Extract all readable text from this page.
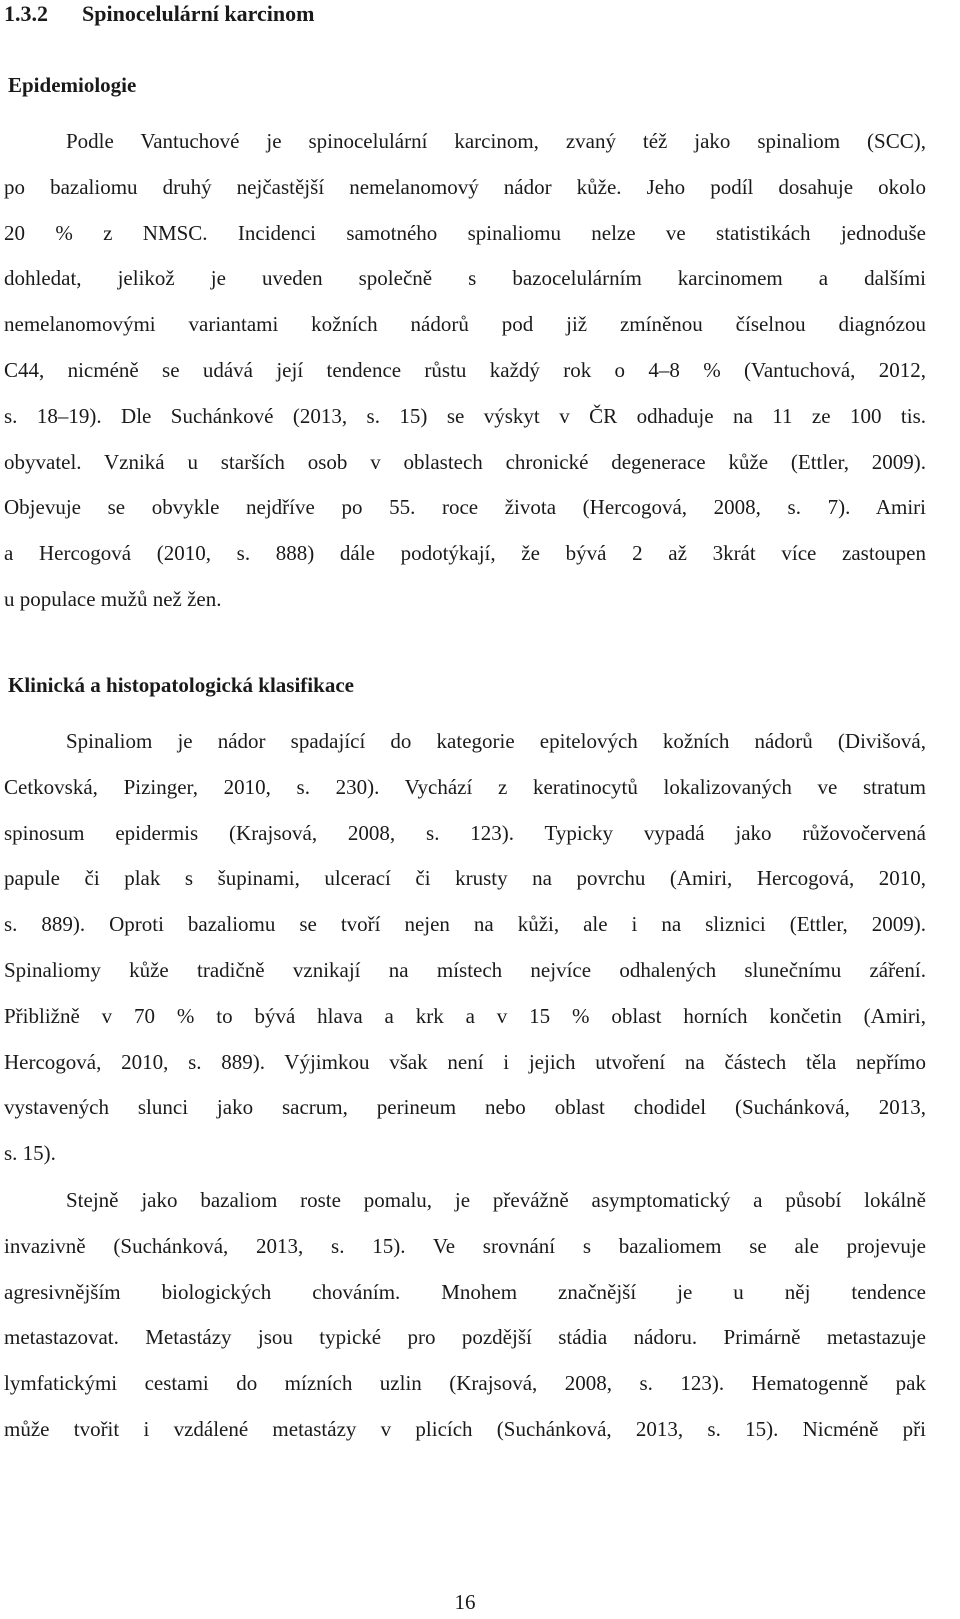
1.3.2 Spinocelulární karcinom
Epidemiologie
Podle Vantuchové je spinocelulární karcinom, zvaný též jako spinaliom (SCC),
po bazaliomu druhý nejčastější nemelanomový nádor kůže. Jeho podíl dosahuje okolo
20 % z NMSC. Incidenci samotného spinaliomu nelze ve statistikách jednoduše
dohledat, jelikož je uveden společně s bazocelulárním karcinomem a dalšími
nemelanomovými variantami kožních nádorů pod již zmíněnou číselnou diagnózou
C44, nicméně se udává její tendence růstu každý rok o 4–8 % (Vantuchová, 2012,
s. 18–19). Dle Suchánkové (2013, s. 15) se výskyt v ČR odhaduje na 11 ze 100 tis.
obyvatel. Vzniká u starších osob v oblastech chronické degenerace kůže (Ettler, 2009).
Objevuje se obvykle nejdříve po 55. roce života (Hercogová, 2008, s. 7). Amiri
a Hercogová (2010, s. 888) dále podotýkají, že bývá 2 až 3krát více zastoupen
u populace mužů než žen.
Klinická a histopatologická klasifikace
Spinaliom je nádor spadající do kategorie epitelových kožních nádorů (Divišová,
Cetkovská, Pizinger, 2010, s. 230). Vychází z keratinocytů lokalizovaných ve stratum
spinosum epidermis (Krajsová, 2008, s. 123). Typicky vypadá jako růžovočervená
papule či plak s šupinami, ulcerací či krusty na povrchu (Amiri, Hercogová, 2010,
s. 889). Oproti bazaliomu se tvoří nejen na kůži, ale i na sliznici (Ettler, 2009).
Spinaliomy kůže tradičně vznikají na místech nejvíce odhalených slunečnímu záření.
Přibližně v 70 % to bývá hlava a krk a v 15 % oblast horních končetin (Amiri,
Hercogová, 2010, s. 889). Výjimkou však není i jejich utvoření na částech těla nepřímo
vystavených slunci jako sacrum, perineum nebo oblast chodidel (Suchánková, 2013,
s. 15).
Stejně jako bazaliom roste pomalu, je převážně asymptomatický a působí lokálně
invazivně (Suchánková, 2013, s. 15). Ve srovnání s bazaliomem se ale projevuje
agresivnějším biologických chováním. Mnohem značnější je u něj tendence
metastazovat. Metastázy jsou typické pro pozdější stádia nádoru. Primárně metastazuje
lymfatickými cestami do mízních uzlin (Krajsová, 2008, s. 123). Hematogenně pak
může tvořit i vzdálené metastázy v plicích (Suchánková, 2013, s. 15). Nicméně při
16
